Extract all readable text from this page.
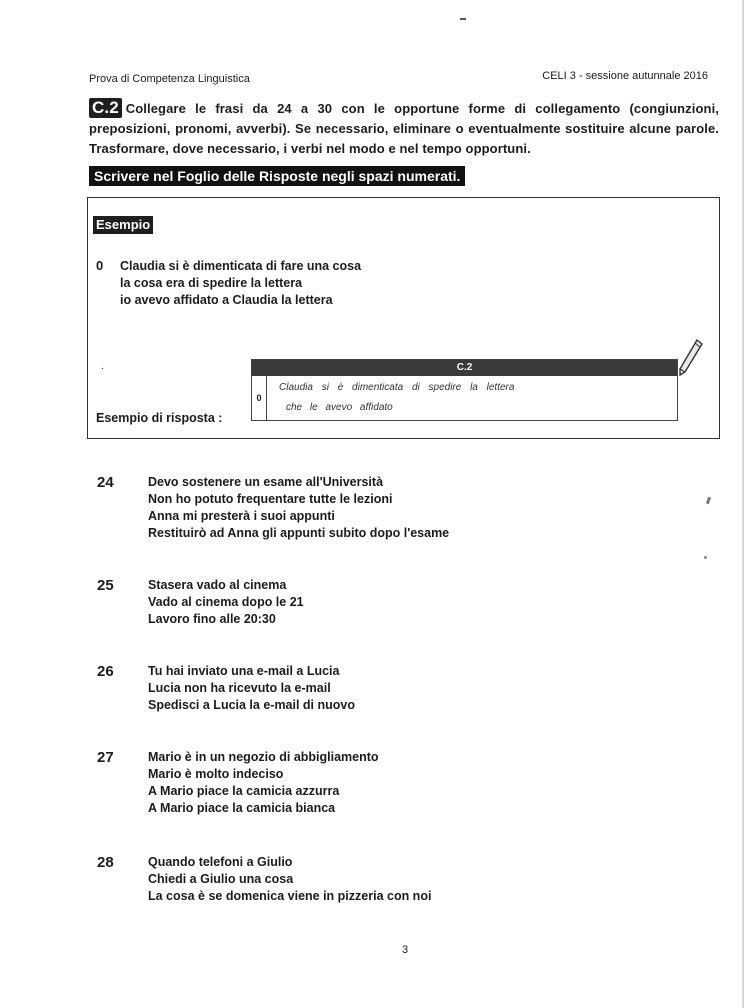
Prova di Competenza Linguistica	CELI 3 - sessione autunnale 2016
C.2 Collegare le frasi da 24 a 30 con le opportune forme di collegamento (congiunzioni, preposizioni, pronomi, avverbi). Se necessario, eliminare o eventualmente sostituire alcune parole. Trasformare, dove necessario, i verbi nel modo e nel tempo opportuni.
Scrivere nel Foglio delle Risposte negli spazi numerati.
Esempio
0 Claudia si è dimenticata di fare una cosa
la cosa era di spedire la lettera
io avevo affidato a Claudia la lettera
.
Esempio di risposta :
C.2
0
Claudia si è dimenticata di spedire la lettera
che le avevo affidato
24	Devo sostenere un esame all'Università
Non ho potuto frequentare tutte le lezioni
Anna mi presterà i suoi appunti
Restituirò ad Anna gli appunti subito dopo l'esame
25	Stasera vado al cinema
Vado al cinema dopo le 21
Lavoro fino alle 20:30
26	Tu hai inviato una e-mail a Lucia
Lucia non ha ricevuto la e-mail
Spedisci a Lucia la e-mail di nuovo
27	Mario è in un negozio di abbigliamento
Mario è molto indeciso
A Mario piace la camicia azzurra
A Mario piace la camicia bianca
28	Quando telefoni a Giulio
Chiedi a Giulio una cosa
La cosa è se domenica viene in pizzeria con noi
3
